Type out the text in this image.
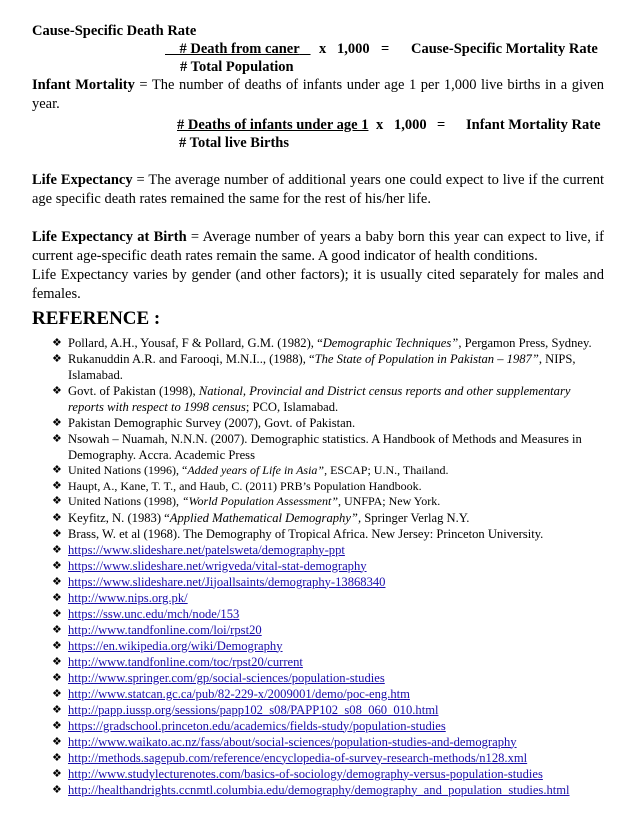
Cause-Specific Death Rate
# Death from caner	x 1,000 = Cause-Specific Mortality Rate
# Total Population
Infant Mortality = The number of deaths of infants under age 1 per 1,000 live births in a given year.
# Deaths of infants under age 1 x 1,000 = Infant Mortality Rate
# Total live Births
Life Expectancy = The average number of additional years one could expect to live if the current age specific death rates remained the same for the rest of his/her life.
Life Expectancy at Birth = Average number of years a baby born this year can expect to live, if current age-specific death rates remain the same. A good indicator of health conditions.
Life Expectancy varies by gender (and other factors); it is usually cited separately for males and females.
REFERENCE :
❖ Pollard, A.H., Yousaf, F & Pollard, G.M. (1982), “Demographic Techniques”, Pergamon Press, Sydney.
❖ Rukanuddin A.R. and Farooqi, M.N.I.., (1988), “The State of Population in Pakistan – 1987”, NIPS, Islamabad.
❖ Govt. of Pakistan (1998), National, Provincial and District census reports and other supplementary reports with respect to 1998 census; PCO, Islamabad.
❖ Pakistan Demographic Survey (2007), Govt. of Pakistan.
❖ Nsowah – Nuamah, N.N.N. (2007). Demographic statistics. A Handbook of Methods and Measures in Demography. Accra. Academic Press
❖ United Nations (1996), “Added years of Life in Asia”, ESCAP; U.N., Thailand.
❖ Haupt, A., Kane, T. T., and Haub, C. (2011) PRB’s Population Handbook.
❖ United Nations (1998), “World Population Assessment”, UNFPA; New York.
❖ Keyfitz, N. (1983) “Applied Mathematical Demography”, Springer Verlag N.Y.
❖ Brass, W. et al (1968). The Demography of Tropical Africa. New Jersey: Princeton University.
❖ https://www.slideshare.net/patelsweta/demography-ppt
❖ https://www.slideshare.net/wrigveda/vital-stat-demography
❖ https://www.slideshare.net/Jijoallsaints/demography-13868340
❖ http://www.nips.org.pk/
❖ https://ssw.unc.edu/mch/node/153
❖ http://www.tandfonline.com/loi/rpst20
❖ https://en.wikipedia.org/wiki/Demography
❖ http://www.tandfonline.com/toc/rpst20/current
❖ http://www.springer.com/gp/social-sciences/population-studies
❖ http://www.statcan.gc.ca/pub/82-229-x/2009001/demo/poc-eng.htm
❖ http://papp.iussp.org/sessions/papp102_s08/PAPP102_s08_060_010.html
❖ https://gradschool.princeton.edu/academics/fields-study/population-studies
❖ http://www.waikato.ac.nz/fass/about/social-sciences/population-studies-and-demography
❖ http://methods.sagepub.com/reference/encyclopedia-of-survey-research-methods/n128.xml
❖ http://www.studylecturenotes.com/basics-of-sociology/demography-versus-population-studies
❖ http://healthandrights.ccnmtl.columbia.edu/demography/demography_and_population_studies.html
